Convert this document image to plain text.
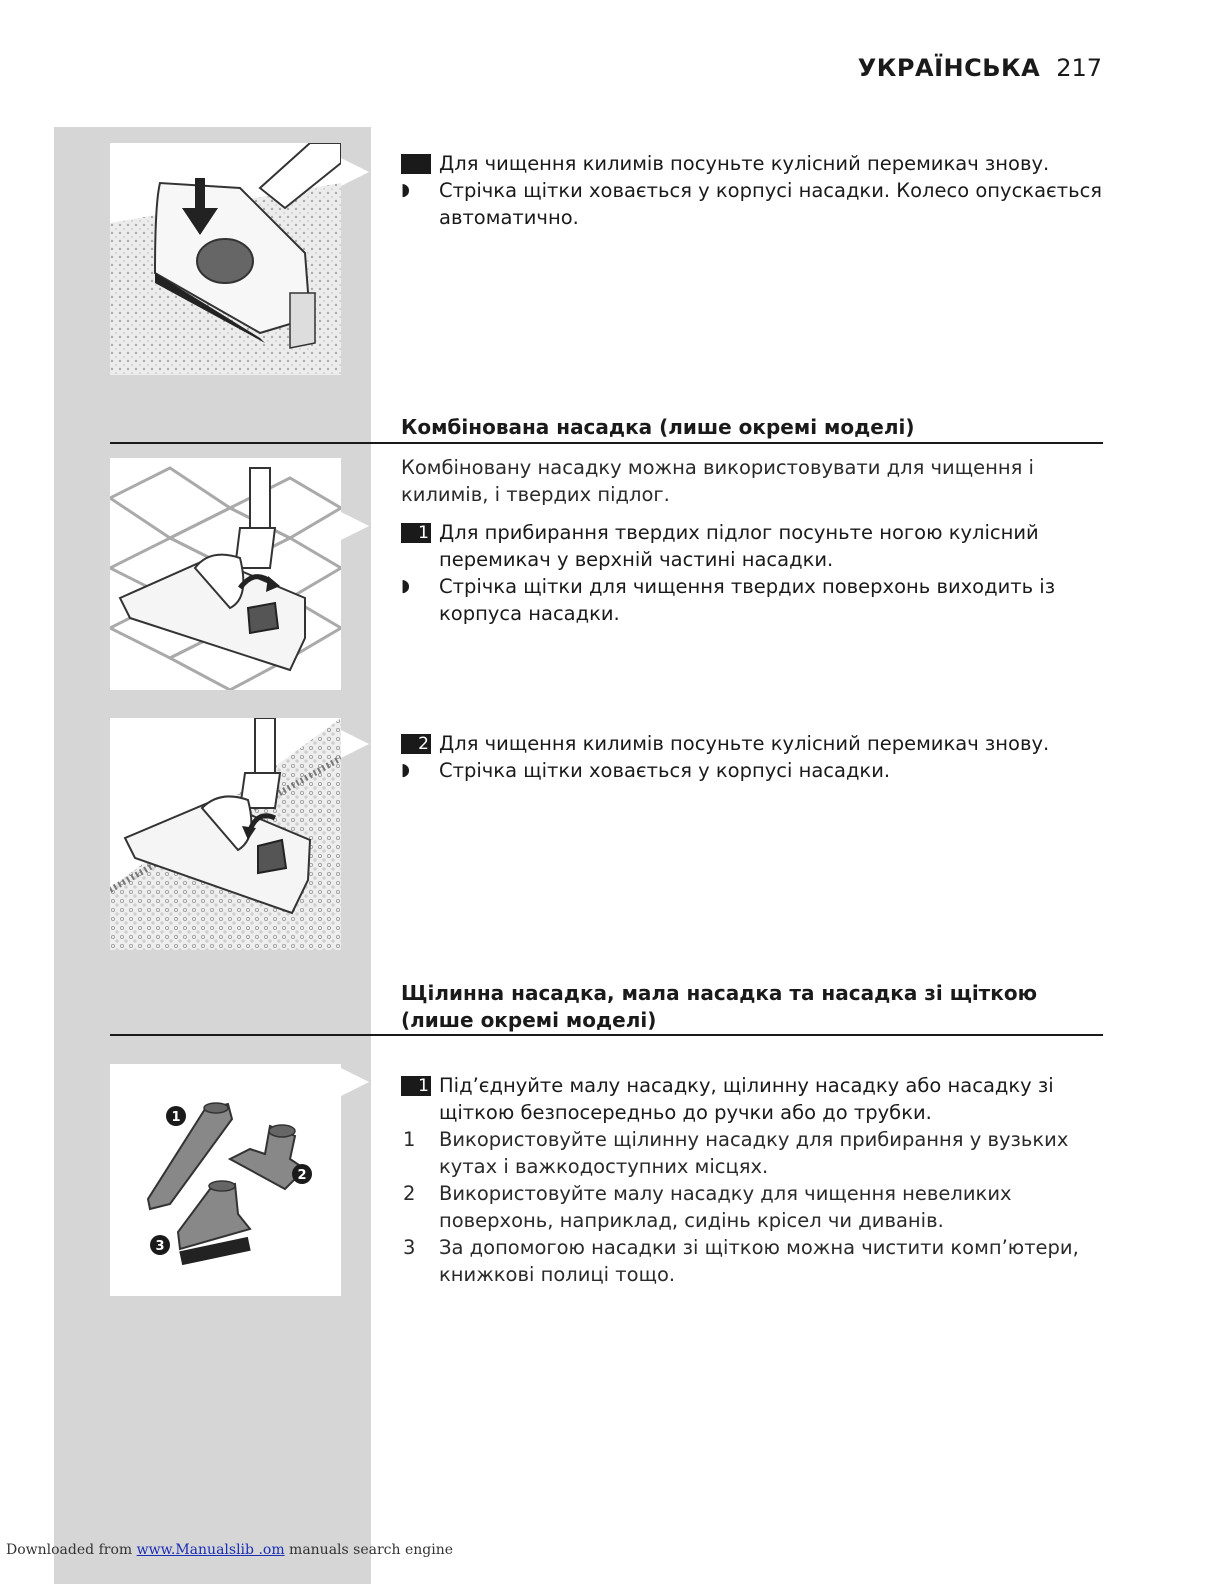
УКРАЇНСЬКА 217
Для чищення килимів посуньте кулісний перемикач знову.
◗ Стрічка щітки ховається у корпусі насадки. Колесо опускається автоматично.
Комбінована насадка (лише окремі моделі)
Комбіновану насадку можна використовувати для чищення і килимів, і твердих підлог.
1 Для прибирання твердих підлог посуньте ногою кулісний перемикач у верхній частині насадки.
◗ Стрічка щітки для чищення твердих поверхонь виходить із корпуса насадки.
2 Для чищення килимів посуньте кулісний перемикач знову.
◗ Стрічка щітки ховається у корпусі насадки.
Щілинна насадка, мала насадка та насадка зі щіткою (лише окремі моделі)
1
2
3
1 Під’єднуйте малу насадку, щілинну насадку або насадку зі щіткою безпосередньо до ручки або до трубки.
1 Використовуйте щілинну насадку для прибирання у вузьких кутах і важкодоступних місцях.
2 Використовуйте малу насадку для чищення невеликих поверхонь, наприклад, сидінь крісел чи диванів.
3 За допомогою насадки зі щіткою можна чистити комп’ютери, книжкові полиці тощо.
Downloaded from www.Manualslib .om manuals search engine
